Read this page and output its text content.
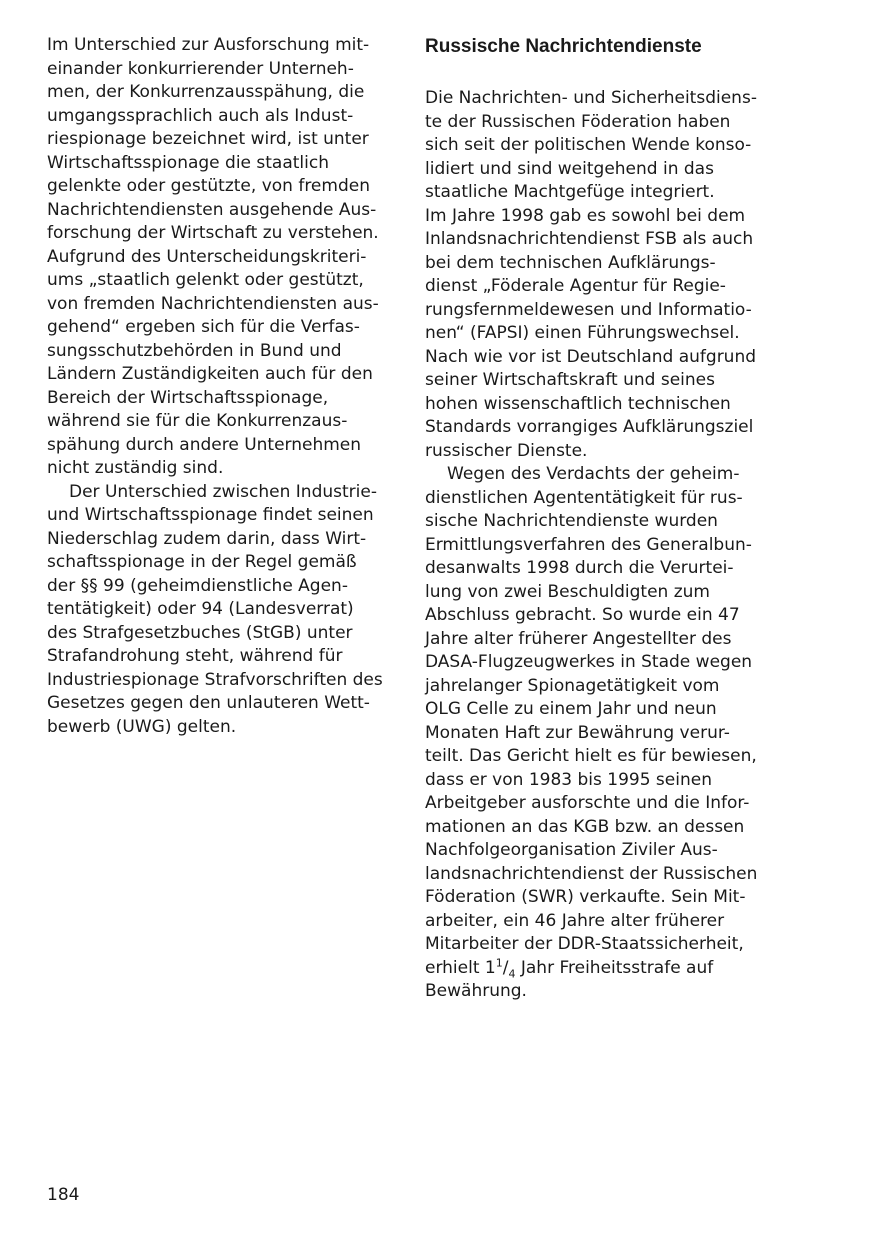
Im Unterschied zur Ausforschung mit-
einander konkurrierender Unterneh-
men, der Konkurrenzausspähung, die
umgangssprachlich auch als Indust-
riespionage bezeichnet wird, ist unter
Wirtschaftsspionage die staatlich
gelenkte oder gestützte, von fremden
Nachrichtendiensten ausgehende Aus-
forschung der Wirtschaft zu verstehen.
Aufgrund des Unterscheidungskriteri-
ums „staatlich gelenkt oder gestützt,
von fremden Nachrichtendiensten aus-
gehend“ ergeben sich für die Verfas-
sungsschutzbehörden in Bund und
Ländern Zuständigkeiten auch für den
Bereich der Wirtschaftsspionage,
während sie für die Konkurrenzaus-
spähung durch andere Unternehmen
nicht zuständig sind.
Der Unterschied zwischen Industrie-
und Wirtschaftsspionage findet seinen
Niederschlag zudem darin, dass Wirt-
schaftsspionage in der Regel gemäß
der §§ 99 (geheimdienstliche Agen-
tentätigkeit) oder 94 (Landesverrat)
des Strafgesetzbuches (StGB) unter
Strafandrohung steht, während für
Industriespionage Strafvorschriften des
Gesetzes gegen den unlauteren Wett-
bewerb (UWG) gelten.
Russische Nachrichtendienste
Die Nachrichten- und Sicherheitsdiens-
te der Russischen Föderation haben
sich seit der politischen Wende konso-
lidiert und sind weitgehend in das
staatliche Machtgefüge integriert.
Im Jahre 1998 gab es sowohl bei dem
Inlandsnachrichtendienst FSB als auch
bei dem technischen Aufklärungs-
dienst „Föderale Agentur für Regie-
rungsfernmeldewesen und Informatio-
nen“ (FAPSI) einen Führungswechsel.
Nach wie vor ist Deutschland aufgrund
seiner Wirtschaftskraft und seines
hohen wissenschaftlich technischen
Standards vorrangiges Aufklärungsziel
russischer Dienste.
Wegen des Verdachts der geheim-
dienstlichen Agententätigkeit für rus-
sische Nachrichtendienste wurden
Ermittlungsverfahren des Generalbun-
desanwalts 1998 durch die Verurtei-
lung von zwei Beschuldigten zum
Abschluss gebracht. So wurde ein 47
Jahre alter früherer Angestellter des
DASA-Flugzeugwerkes in Stade wegen
jahrelanger Spionagetätigkeit vom
OLG Celle zu einem Jahr und neun
Monaten Haft zur Bewährung verur-
teilt. Das Gericht hielt es für bewiesen,
dass er von 1983 bis 1995 seinen
Arbeitgeber ausforschte und die Infor-
mationen an das KGB bzw. an dessen
Nachfolgeorganisation Ziviler Aus-
landsnachrichtendienst der Russischen
Föderation (SWR) verkaufte. Sein Mit-
arbeiter, ein 46 Jahre alter früherer
Mitarbeiter der DDR-Staatssicherheit,
erhielt $1^1/_4$ Jahr Freiheitsstrafe auf
Bewährung.
184
